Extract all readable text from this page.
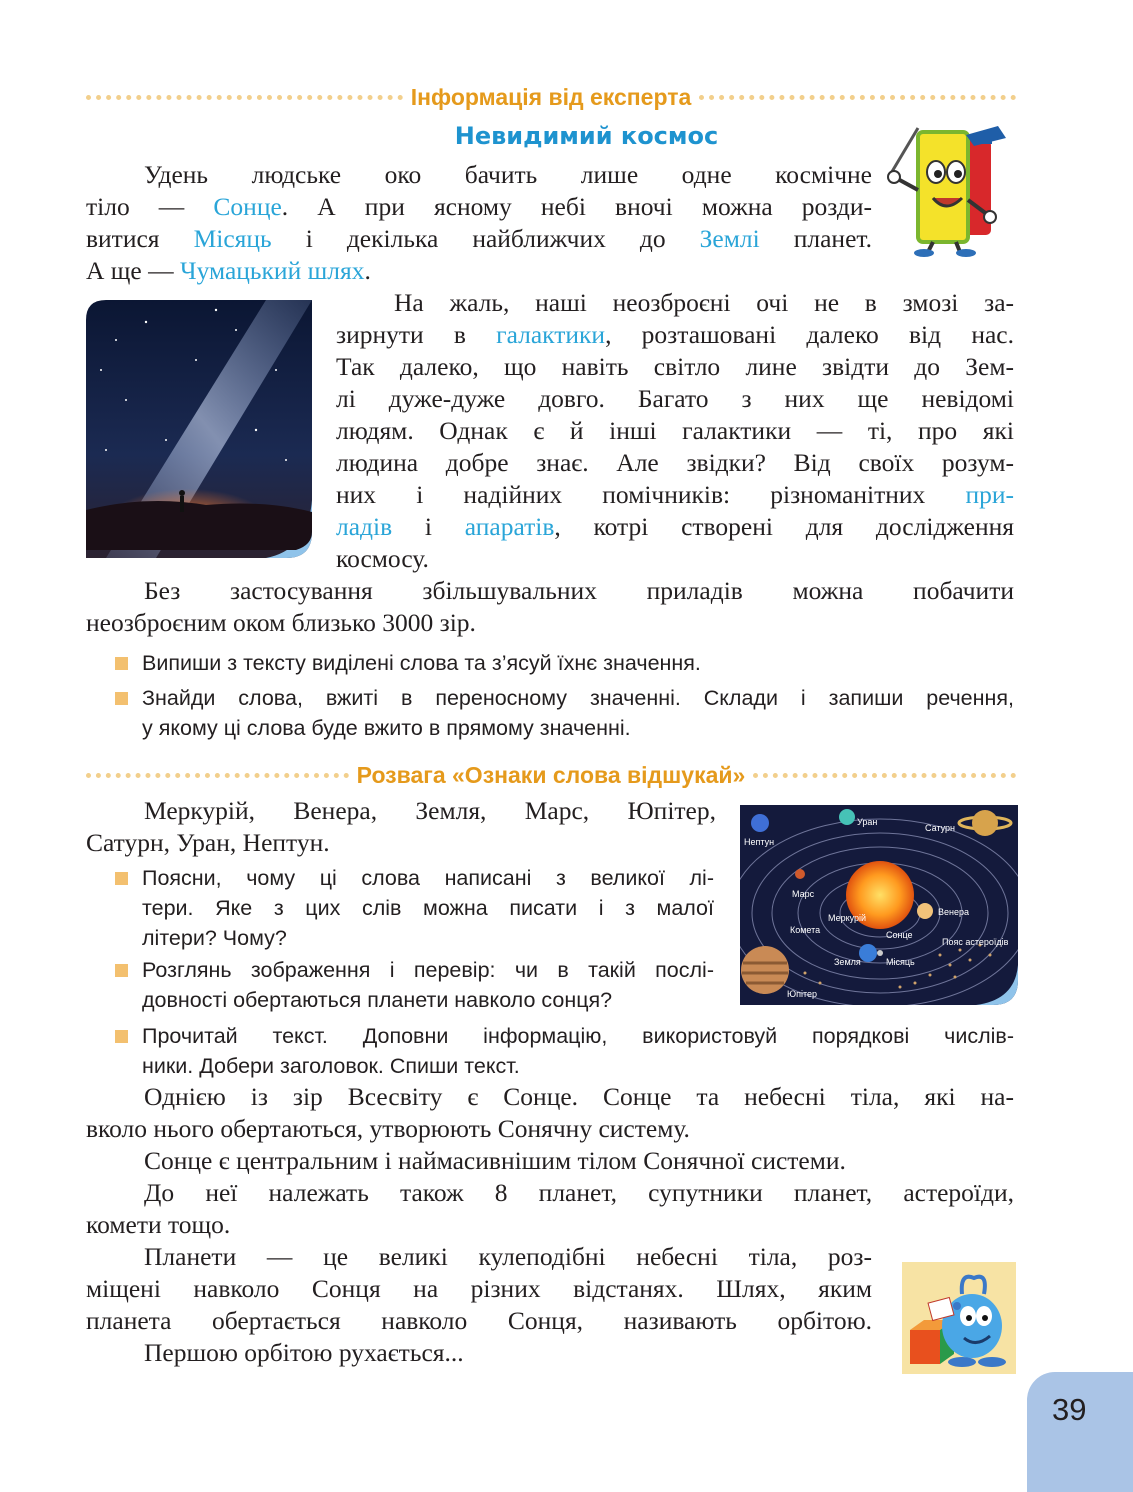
Інформація від експерта
Невидимий космос
Удень людське око бачить лише одне космічне
тіло — Сонце. А при ясному небі вночі можна розди-
витися Місяць і декілька найближчих до Землі планет.
А ще — Чумацький шлях.
На жаль, наші неозброєні очі не в змозі за-
зирнути в галактики, розташовані далеко від нас.
Так далеко, що навіть світло лине звідти до Зем-
лі дуже-дуже довго. Багато з них ще невідомі
людям. Однак є й інші галактики — ті, про які
людина добре знає. Але звідки? Від своїх розум-
них і надійних помічників: різноманітних при-
ладів і апаратів, котрі створені для дослідження
космосу.
Без застосування збільшувальних приладів можна побачити
неозброєним оком близько 3000 зір.
Випиши з тексту виділені слова та з’ясуй їхнє значення.
Знайди слова, вжиті в переносному значенні. Склади і запиши речення,
у якому ці слова буде вжито в прямому значенні.
Розвага «Ознаки слова відшукай»
Меркурій, Венера, Земля, Марс, Юпітер,
Сатурн, Уран, Нептун.
Поясни, чому ці слова написані з великої лі-
тери. Яке з цих слів можна писати і з малої
літери? Чому?
Розглянь зображення і перевір: чи в такій послі-
довності обертаються планети навколо сонця?
Прочитай текст. Доповни інформацію, використовуй порядкові числів-
ники. Добери заголовок. Спиши текст.
Нептун
Уран
Сатурн
Марс
Меркурій
Венера
Комета	Сонце
Пояс астероїдів
Земля	Місяць
Юпітер
Однією із зір Всесвіту є Сонце. Сонце та небесні тіла, які на-
вколо нього обертаються, утворюють Сонячну систему.
Сонце є центральним і наймасивнішим тілом Сонячної системи.
До неї належать також 8 планет, супутники планет, астероїди,
комети тощо.
Планети — це великі кулеподібні небесні тіла, роз-
міщені навколо Сонця на різних відстанях. Шлях, яким
планета обертається навколо Сонця, називають орбітою.
Першою орбітою рухається...
39
